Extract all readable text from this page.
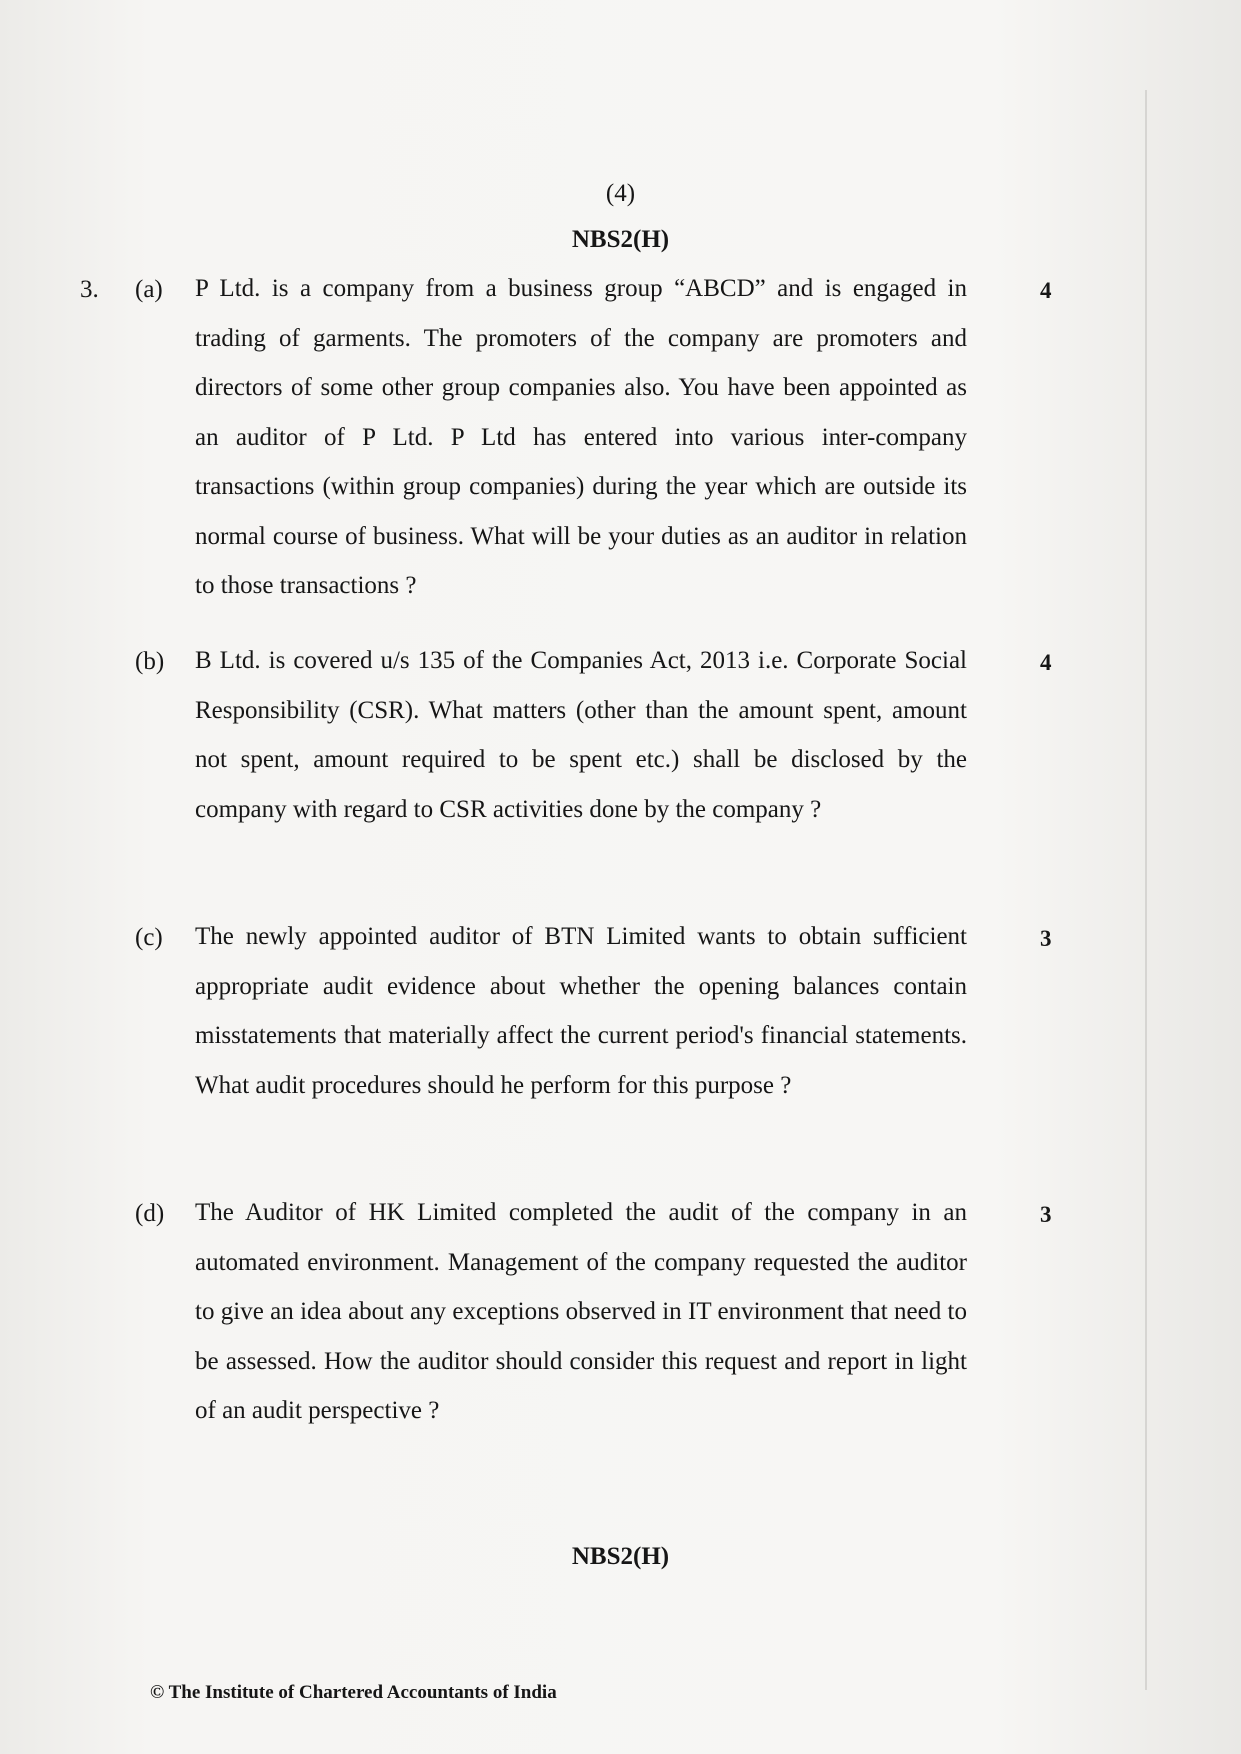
(4)
NBS2(H)
3. (a) P Ltd. is a company from a business group “ABCD” and is engaged in trading of garments. The promoters of the company are promoters and directors of some other group companies also. You have been appointed as an auditor of P Ltd. P Ltd has entered into various inter-company transactions (within group companies) during the year which are outside its normal course of business. What will be your duties as an auditor in relation to those transactions ?
4
(b) B Ltd. is covered u/s 135 of the Companies Act, 2013 i.e. Corporate Social Responsibility (CSR). What matters (other than the amount spent, amount not spent, amount required to be spent etc.) shall be disclosed by the company with regard to CSR activities done by the company ?
4
(c) The newly appointed auditor of BTN Limited wants to obtain sufficient appropriate audit evidence about whether the opening balances contain misstatements that materially affect the current period's financial statements. What audit procedures should he perform for this purpose ?
3
(d) The Auditor of HK Limited completed the audit of the company in an automated environment. Management of the company requested the auditor to give an idea about any exceptions observed in IT environment that need to be assessed. How the auditor should consider this request and report in light of an audit perspective ?
3
NBS2(H)
© The Institute of Chartered Accountants of India
